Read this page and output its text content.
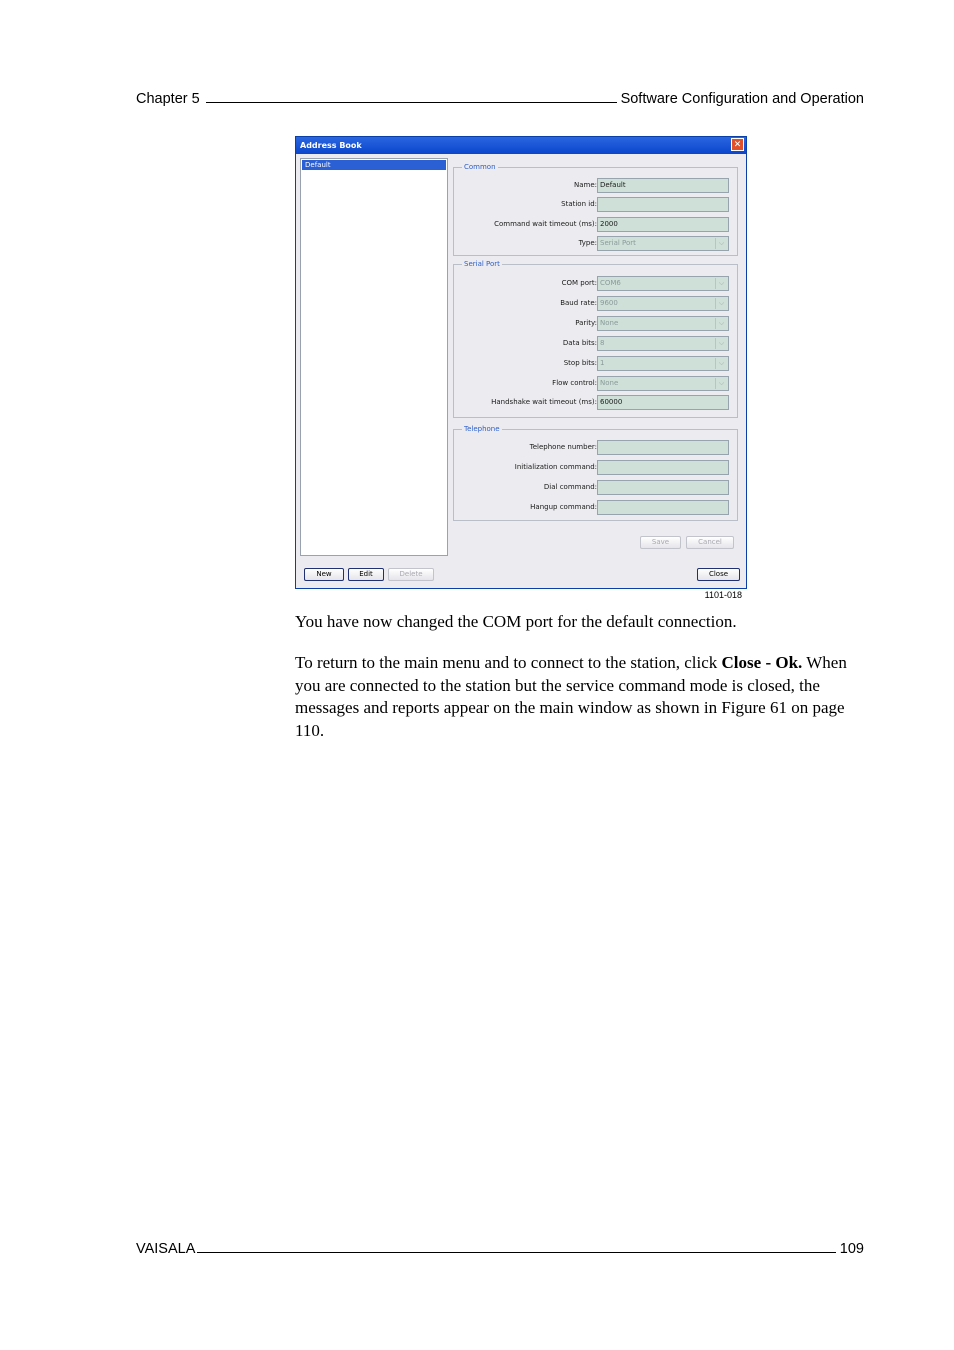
Chapter 5	Software Configuration and Operation
Address Book	✕
Default	Common
Name: Default
Station id:
Command wait timeout (ms): 2000
Type: Serial Port	⌵
Serial Port
COM port: COM6	⌵
Baud rate: 9600	⌵
Parity: None	⌵
Data bits: 8	⌵
Stop bits: 1	⌵
Flow control: None	⌵
Handshake wait timeout (ms): 60000
Telephone
Telephone number:
Initialization command:
Dial command:
Hangup command:
Save	Cancel
New	Edit	Delete	Close
1101-018

You have now changed the COM port for the default connection.

To return to the main menu and to connect to the station, click Close - Ok. When you are connected to the station but the service command mode is closed, the messages and reports appear on the main window as shown in Figure 61 on page 110.

VAISALA	109
